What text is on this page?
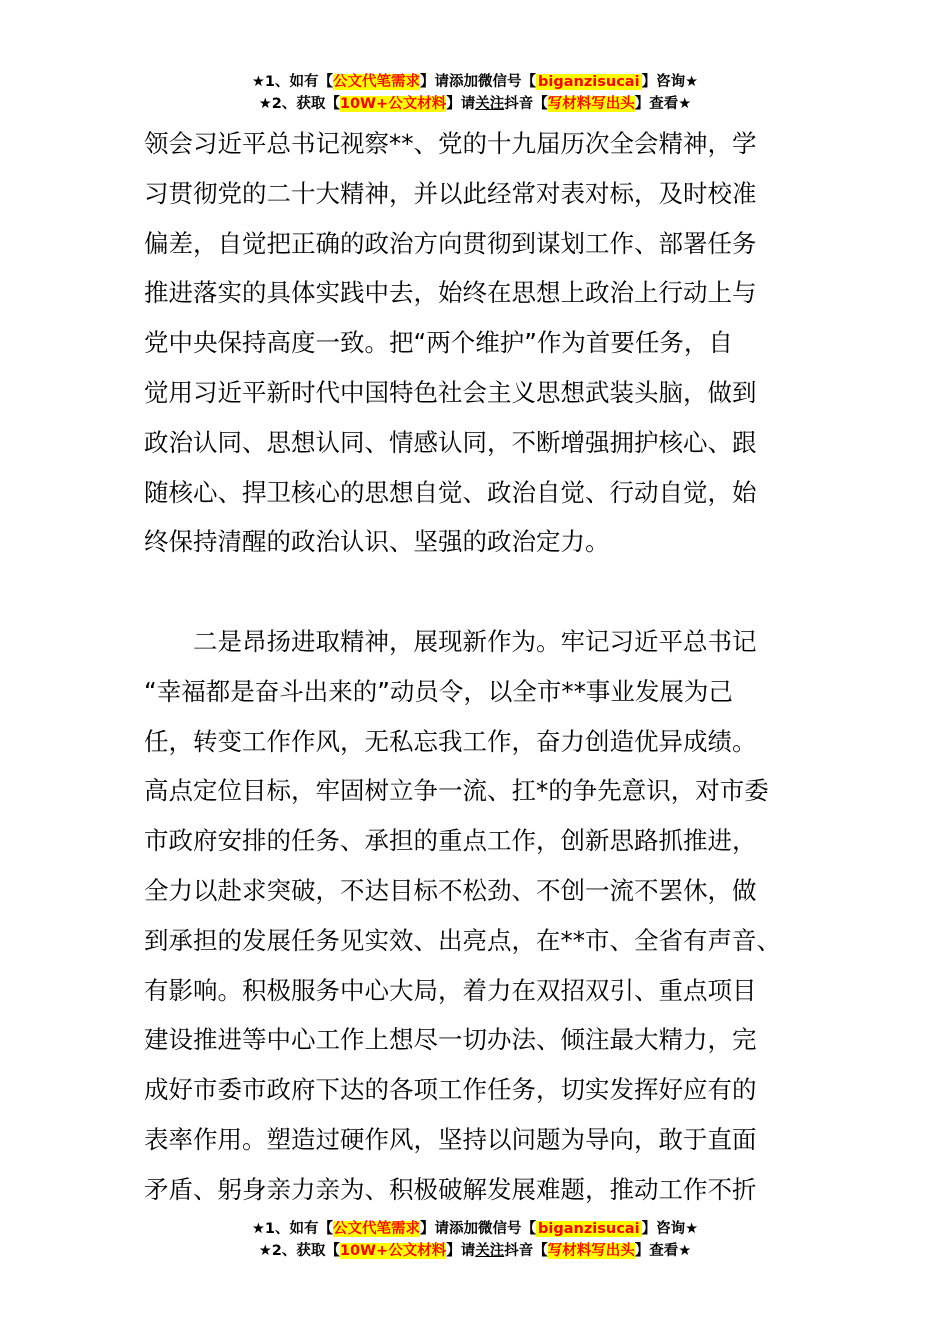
★1、如有【公文代笔需求】请添加微信号【 biganzisucai 】咨询★
★2、获取【10W+公文材料】请关注抖音【写材料写出头】查看★

领会习近平总书记视察**、党的十九届历次全会精神，学

习贯彻党的二十大精神，并以此经常对表对标，及时校准

偏差，自觉把正确的政治方向贯彻到谋划工作、部署任务

推进落实的具体实践中去，始终在思想上政治上行动上与

党中央保持高度一致。把“两个维护”作为首要任务，自

觉用习近平新时代中国特色社会主义思想武装头脑，做到

政治认同、思想认同、情感认同，不断增强拥护核心、跟

随核心、捍卫核心的思想自觉、政治自觉、行动自觉，始

终保持清醒的政治认识、坚强的政治定力。

二是昂扬进取精神，展现新作为。牢记习近平总书记

“幸福都是奋斗出来的”动员令，以全市**事业发展为己

任，转变工作作风，无私忘我工作，奋力创造优异成绩。

高点定位目标，牢固树立争一流、扛*的争先意识，对市委

市政府安排的任务、承担的重点工作，创新思路抓推进，

全力以赴求突破，不达目标不松劲、不创一流不罢休，做

到承担的发展任务见实效、出亮点，在**市、全省有声音、

有影响。积极服务中心大局，着力在双招双引、重点项目

建设推进等中心工作上想尽一切办法、倾注最大精力，完

成好市委市政府下达的各项工作任务，切实发挥好应有的

表率作用。塑造过硬作风，坚持以问题为导向，敢于直面

矛盾、躬身亲力亲为、积极破解发展难题，推动工作不折

★1、如有【公文代笔需求】请添加微信号【 biganzisucai 】咨询★
★2、获取【10W+公文材料】请关注抖音【写材料写出头】查看★
